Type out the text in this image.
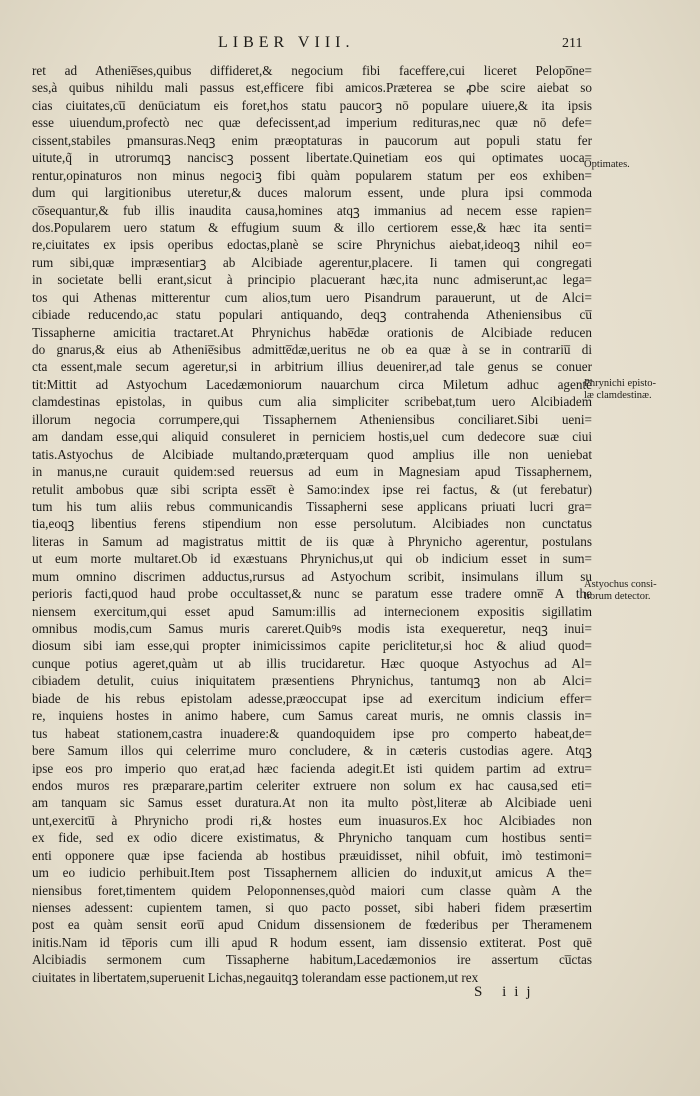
LIBER VIII.	211
ret ad Athenie̅ses,quibus diffideret,& negocium fibi faceffere,cui liceret Pelopo̅ne=
ses,à quibus nihildu mali passus est,efficere fibi amicos.Præterea se ꝓbe scire aiebat so
cias ciuitates,cu̅ denūciatum eis foret,hos statu paucorꝫ nō populare uiuere,& ita ipsis
esse uiuendum,profectò nec quæ defecissent,ad imperium redituras,nec quæ nō defe=
cissent,stabiles pmansuras.Neqꝫ enim præoptaturas in paucorum aut populi statu fer
uitute,q̃ in utrorumqꝫ nanciscꝫ possent libertate.Quinetiam eos qui optimates uoca=
rentur,opinaturos non minus negociꝫ fibi quàm popularem statum per eos exhiben=
dum qui largitionibus uteretur,& duces malorum essent, unde plura ipsi commoda
co̅sequantur,& fub illis inaudita causa,homines atqꝫ immanius ad necem esse rapien=
dos.Popularem uero statum & effugium suum & illo certiorem esse,& hæc ita senti=
re,ciuitates ex ipsis operibus edoctas,planè se scire Phrynichus aiebat,ideoqꝫ nihil eo=
rum sibi,quæ impræsentiarꝫ ab Alcibiade agerentur,placere. Ii tamen qui congregati
in societate belli erant,sicut à principio placuerant hæc,ita nunc admiserunt,ac lega=
tos qui Athenas mitterentur cum alios,tum uero Pisandrum parauerunt, ut de Alci=
cibiade reducendo,ac statu populari antiquando, deqꝫ contrahenda Atheniensibus cu̅
Tissapherne amicitia tractaret.At Phrynichus habe̅dæ orationis de Alcibiade reducen
do gnarus,& eius ab Athenie̅sibus admitte̅dæ,ueritus ne ob ea quæ à se in contrariu̅ di
cta essent,male secum ageretur,si in arbitrium illius deuenirer,ad tale genus se conuer
tit:Mittit ad Astyochum Lacedæmoniorum nauarchum circa Miletum adhuc agente̅
clamdestinas epistolas, in quibus cum alia simpliciter scribebat,tum uero Alcibiadem
illorum negocia corrumpere,qui Tissaphernem Atheniensibus conciliaret.Sibi ueni=
am dandam esse,qui aliquid consuleret in perniciem hostis,uel cum dedecore suæ ciui
tatis.Astyochus de Alcibiade multando,præterquam quod amplius ille non ueniebat
in manus,ne curauit quidem:sed reuersus ad eum in Magnesiam apud Tissaphernem,
retulit ambobus quæ sibi scripta esse̅t è Samo:index ipse rei factus, & (ut ferebatur)
tum his tum aliis rebus communicandis Tissapherni sese applicans priuati lucri gra=
tia,eoqꝫ libentius ferens stipendium non esse persolutum. Alcibiades non cunctatus
literas in Samum ad magistratus mittit de iis quæ à Phrynicho agerentur, postulans
ut eum morte multaret.Ob id exæstuans Phrynichus,ut qui ob indicium esset in sum=
mum omnino discrimen adductus,rursus ad Astyochum scribit, insimulans illum su
perioris facti,quod haud probe occultasset,& nunc se paratum esse tradere omne̅ A the
niensem exercitum,qui esset apud Samum:illis ad internecionem expositis sigillatim
omnibus modis,cum Samus muris careret.Quibꝰs modis ista exequeretur, neqꝫ inui=
diosum sibi iam esse,qui propter inimicissimos capite periclitetur,si hoc & aliud quod=
cunque potius ageret,quàm ut ab illis trucidaretur. Hæc quoque Astyochus ad Al=
cibiadem detulit, cuius iniquitatem præsentiens Phrynichus, tantumqꝫ non ab Alci=
biade de his rebus epistolam adesse,præoccupat ipse ad exercitum indicium effer=
re, inquiens hostes in animo habere, cum Samus careat muris, ne omnis classis in=
tus habeat stationem,castra inuadere:& quandoquidem ipse pro comperto habeat,de=
bere Samum illos qui celerrime muro concludere, & in cæteris custodias agere. Atqꝫ
ipse eos pro imperio quo erat,ad hæc facienda adegit.Et isti quidem partim ad extru=
endos muros res præparare,partim celeriter extruere non solum ex hac causa,sed eti=
am tanquam sic Samus esset duratura.At non ita multo pòst,literæ ab Alcibiade ueni
unt,exercitu̅ à Phrynicho prodi ri,& hostes eum inuasuros.Ex hoc Alcibiades non
ex fide, sed ex odio dicere existimatus, & Phrynicho tanquam cum hostibus senti=
enti opponere quæ ipse facienda ab hostibus præuidisset, nihil obfuit, imò testimoni=
um eo iudicio perhibuit.Item post Tissaphernem allicien do induxit,ut amicus A the=
niensibus foret,timentem quidem Peloponnenses,quòd maiori cum classe quàm A the
nienses adessent: cupientem tamen, si quo pacto posset, sibi haberi fidem præsertim
post ea quàm sensit eoru̅ apud Cnidum dissensionem de fœderibus per Theramenem
initis.Nam id te̅poris cum illi apud R hodum essent, iam dissensio extiterat. Post quē
Alcibiadis sermonem cum Tissapherne habitum,Lacedæmonios ire assertum cu̅ctas
ciuitates in libertatem,superuenit Lichas,negauitqꝫ tolerandam esse pactionem,ut rex
Optimates.
Phrynichi episto-
læ clamdestinæ.
Astyochus consi-
liorum detector.
S iij
